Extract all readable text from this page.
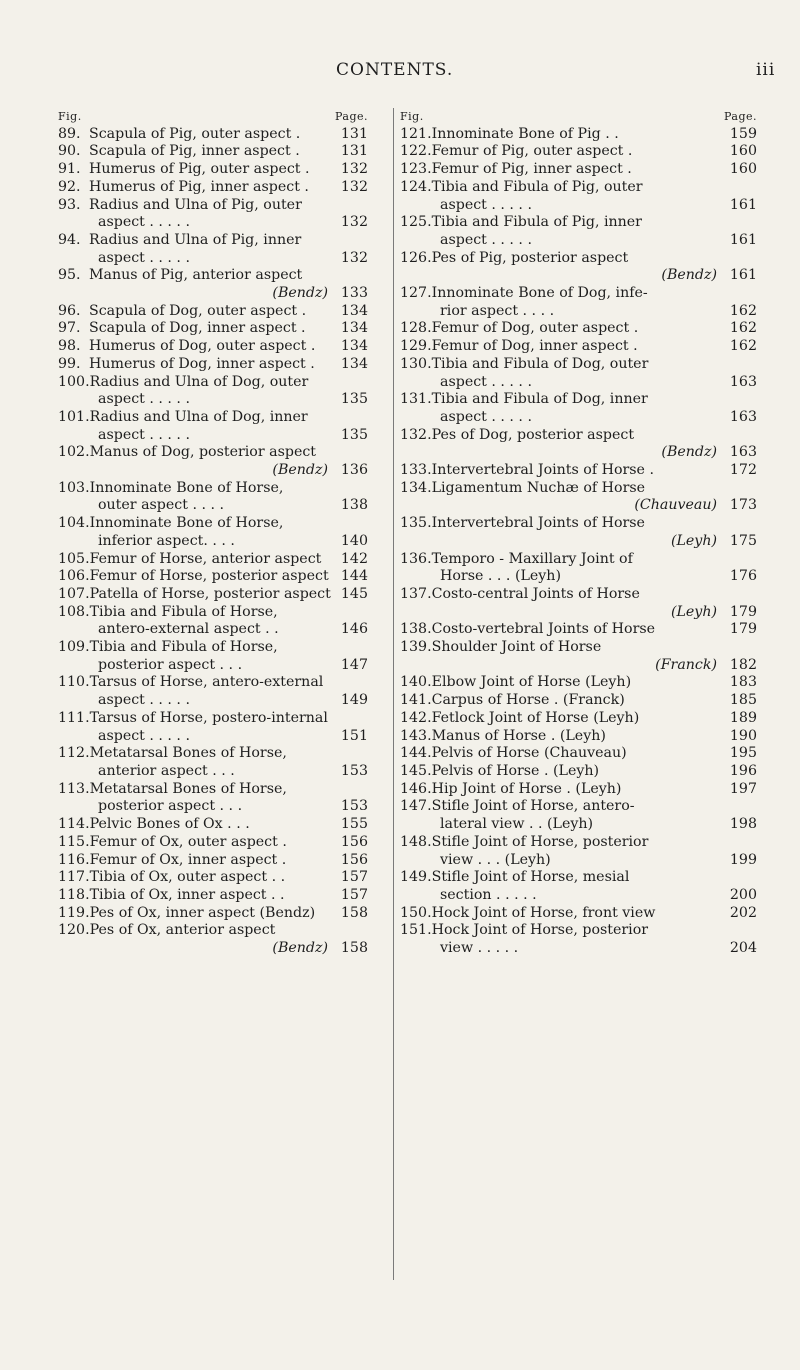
CONTENTS.	iii
Fig.	Page.
89. Scapula of Pig, outer aspect .	131
90. Scapula of Pig, inner aspect .	131
91. Humerus of Pig, outer aspect .	132
92. Humerus of Pig, inner aspect .	132
93. Radius and Ulna of Pig, outer
aspect . . . . .	132
94. Radius and Ulna of Pig, inner
aspect . . . . .	132
95. Manus of Pig, anterior aspect
(Bendz) 133
96. Scapula of Dog, outer aspect .	134
97. Scapula of Dog, inner aspect .	134
98. Humerus of Dog, outer aspect .	134
99. Humerus of Dog, inner aspect .	134
100. Radius and Ulna of Dog, outer
aspect . . . . .	135
101. Radius and Ulna of Dog, inner
aspect . . . . .	135
102. Manus of Dog, posterior aspect
(Bendz) 136
103. Innominate Bone of Horse,
outer aspect . . . .	138
104. Innominate Bone of Horse,
inferior aspect. . . .	140
105. Femur of Horse, anterior aspect	142
106. Femur of Horse, posterior aspect 144
107. Patella of Horse, posterior aspect 145
108. Tibia and Fibula of Horse,
antero-external aspect . .	146
109. Tibia and Fibula of Horse,
posterior aspect . . .	147
110. Tarsus of Horse, antero-external
aspect . . . . .	149
111. Tarsus of Horse, postero-internal
aspect . . . . .	151
112. Metatarsal Bones of Horse,
anterior aspect . . .	153
113. Metatarsal Bones of Horse,
posterior aspect . . .	153
114. Pelvic Bones of Ox . . .	155
115. Femur of Ox, outer aspect .	156
116. Femur of Ox, inner aspect .	156
117. Tibia of Ox, outer aspect . .	157
118. Tibia of Ox, inner aspect . .	157
119. Pes of Ox, inner aspect (Bendz)	158
120. Pes of Ox, anterior aspect
(Bendz) 158
Fig.	Page.
121. Innominate Bone of Pig . .	159
122. Femur of Pig, outer aspect .	160
123. Femur of Pig, inner aspect .	160
124. Tibia and Fibula of Pig, outer
aspect . . . . .	161
125. Tibia and Fibula of Pig, inner
aspect . . . . .	161
126. Pes of Pig, posterior aspect
(Bendz) 161
127. Innominate Bone of Dog, infe-
rior aspect . . . .	162
128. Femur of Dog, outer aspect .	162
129. Femur of Dog, inner aspect .	162
130. Tibia and Fibula of Dog, outer
aspect . . . . .	163
131. Tibia and Fibula of Dog, inner
aspect . . . . .	163
132. Pes of Dog, posterior aspect
(Bendz) 163
133. Intervertebral Joints of Horse .	172
134. Ligamentum Nuchæ of Horse
(Chauveau) 173
135. Intervertebral Joints of Horse
(Leyh) 175
136. Temporo - Maxillary Joint of
Horse . . . (Leyh)	176
137. Costo-central Joints of Horse
(Leyh) 179
138. Costo-vertebral Joints of Horse	179
139. Shoulder Joint of Horse
(Franck) 182
140. Elbow Joint of Horse (Leyh)	183
141. Carpus of Horse . (Franck)	185
142. Fetlock Joint of Horse (Leyh)	189
143. Manus of Horse . (Leyh)	190
144. Pelvis of Horse (Chauveau)	195
145. Pelvis of Horse . (Leyh)	196
146. Hip Joint of Horse . (Leyh)	197
147. Stifle Joint of Horse, antero-
lateral view . . (Leyh)	198
148. Stifle Joint of Horse, posterior
view . . . (Leyh)	199
149. Stifle Joint of Horse, mesial
section . . . . .	200
150. Hock Joint of Horse, front view	202
151. Hock Joint of Horse, posterior
view . . . . .	204
